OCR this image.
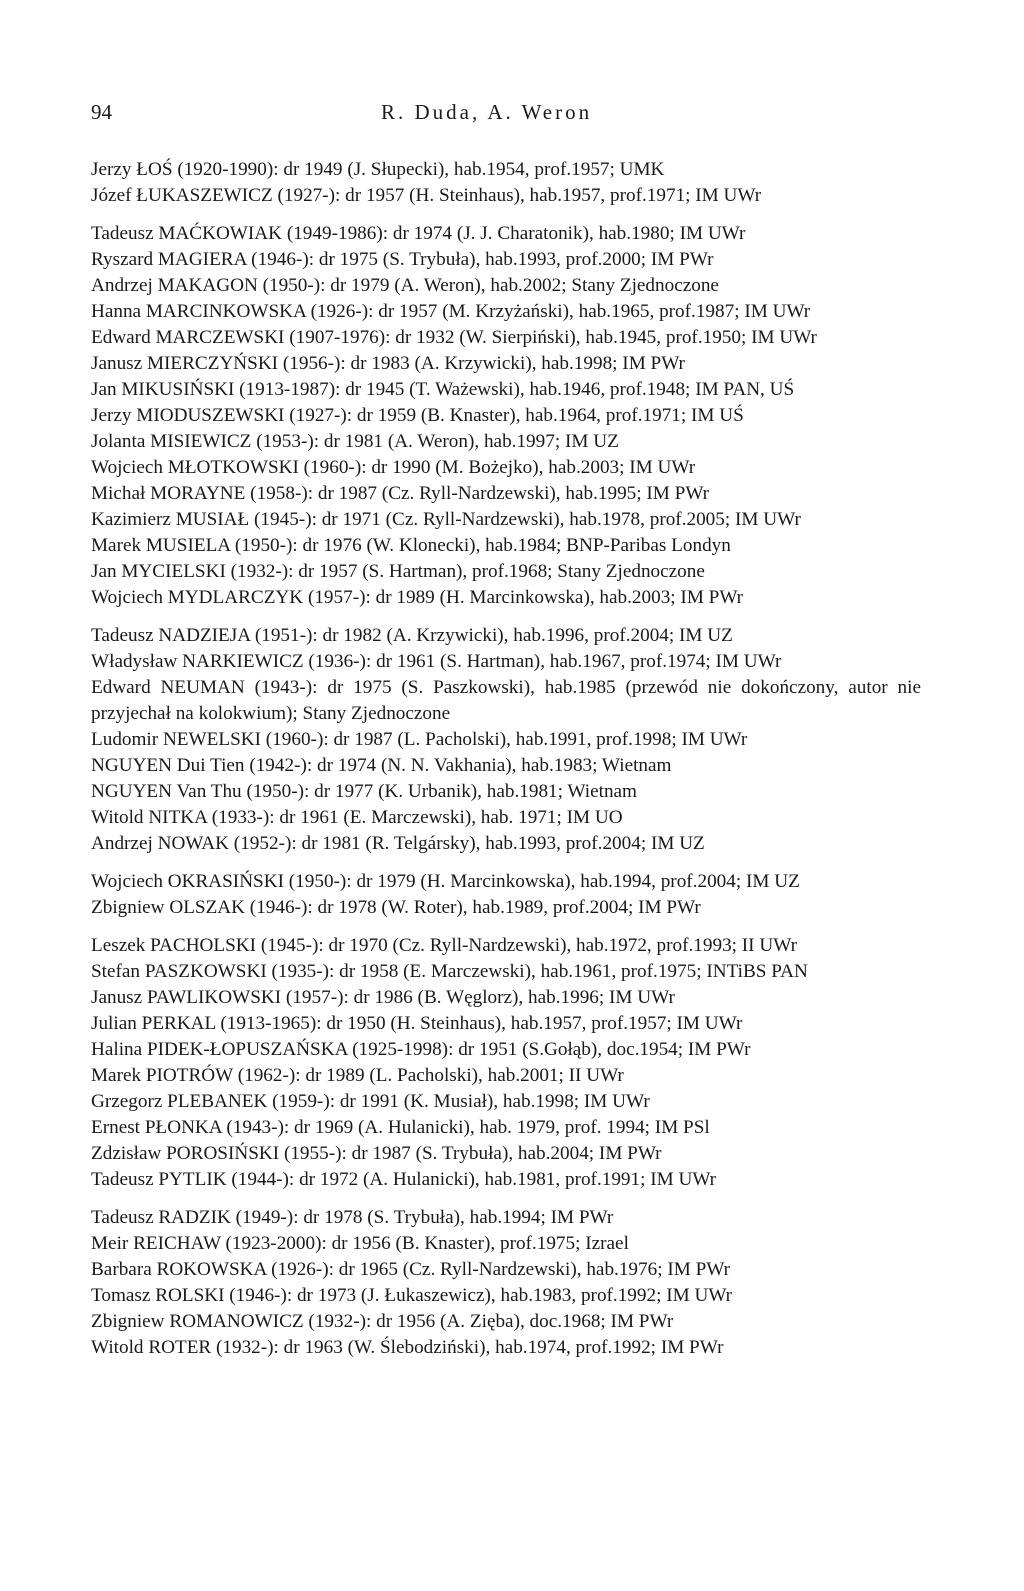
94	R. Duda, A. Weron

Jerzy ŁOŚ (1920-1990): dr 1949 (J. Słupecki), hab.1954, prof.1957; UMK

Józef ŁUKASZEWICZ (1927-): dr 1957 (H. Steinhaus), hab.1957, prof.1971; IM UWr

Tadeusz MAĆKOWIAK (1949-1986): dr 1974 (J. J. Charatonik), hab.1980; IM UWr

Ryszard MAGIERA (1946-): dr 1975 (S. Trybuła), hab.1993, prof.2000; IM PWr

Andrzej MAKAGON (1950-): dr 1979 (A. Weron), hab.2002; Stany Zjednoczone

Hanna MARCINKOWSKA (1926-): dr 1957 (M. Krzyżański), hab.1965, prof.1987; IM UWr

Edward MARCZEWSKI (1907-1976): dr 1932 (W. Sierpiński), hab.1945, prof.1950; IM UWr

Janusz MIERCZYŃSKI (1956-): dr 1983 (A. Krzywicki), hab.1998; IM PWr

Jan MIKUSIŃSKI (1913-1987): dr 1945 (T. Ważewski), hab.1946, prof.1948; IM PAN, UŚ

Jerzy MIODUSZEWSKI (1927-): dr 1959 (B. Knaster), hab.1964, prof.1971; IM UŚ

Jolanta MISIEWICZ (1953-): dr 1981 (A. Weron), hab.1997; IM UZ

Wojciech MŁOTKOWSKI (1960-): dr 1990 (M. Bożejko), hab.2003; IM UWr

Michał MORAYNE (1958-): dr 1987 (Cz. Ryll-Nardzewski), hab.1995; IM PWr

Kazimierz MUSIAŁ (1945-): dr 1971 (Cz. Ryll-Nardzewski), hab.1978, prof.2005; IM UWr

Marek MUSIELA (1950-): dr 1976 (W. Klonecki), hab.1984; BNP-Paribas Londyn

Jan MYCIELSKI (1932-): dr 1957 (S. Hartman), prof.1968; Stany Zjednoczone

Wojciech MYDLARCZYK (1957-): dr 1989 (H. Marcinkowska), hab.2003; IM PWr

Tadeusz NADZIEJA (1951-): dr 1982 (A. Krzywicki), hab.1996, prof.2004; IM UZ

Władysław NARKIEWICZ (1936-): dr 1961 (S. Hartman), hab.1967, prof.1974; IM UWr

Edward NEUMAN (1943-): dr 1975 (S. Paszkowski), hab.1985 (przewód nie dokończony, autor nie przyjechał na kolokwium); Stany Zjednoczone

Ludomir NEWELSKI (1960-): dr 1987 (L. Pacholski), hab.1991, prof.1998; IM UWr

NGUYEN Dui Tien (1942-): dr 1974 (N. N. Vakhania), hab.1983; Wietnam

NGUYEN Van Thu (1950-): dr 1977 (K. Urbanik), hab.1981; Wietnam

Witold NITKA (1933-): dr 1961 (E. Marczewski), hab. 1971; IM UO

Andrzej NOWAK (1952-): dr 1981 (R. Telgársky), hab.1993, prof.2004; IM UZ

Wojciech OKRASIŃSKI (1950-): dr 1979 (H. Marcinkowska), hab.1994, prof.2004; IM UZ

Zbigniew OLSZAK (1946-): dr 1978 (W. Roter), hab.1989, prof.2004; IM PWr

Leszek PACHOLSKI (1945-): dr 1970 (Cz. Ryll-Nardzewski), hab.1972, prof.1993; II UWr

Stefan PASZKOWSKI (1935-): dr 1958 (E. Marczewski), hab.1961, prof.1975; INTiBS PAN

Janusz PAWLIKOWSKI (1957-): dr 1986 (B. Węglorz), hab.1996; IM UWr

Julian PERKAL (1913-1965): dr 1950 (H. Steinhaus), hab.1957, prof.1957; IM UWr

Halina PIDEK-ŁOPUSZAŃSKA (1925-1998): dr 1951 (S.Gołąb), doc.1954; IM PWr

Marek PIOTRÓW (1962-): dr 1989 (L. Pacholski), hab.2001; II UWr

Grzegorz PLEBANEK (1959-): dr 1991 (K. Musiał), hab.1998; IM UWr

Ernest PŁONKA (1943-): dr 1969 (A. Hulanicki), hab. 1979, prof. 1994; IM PSl

Zdzisław POROSIŃSKI (1955-): dr 1987 (S. Trybuła), hab.2004; IM PWr

Tadeusz PYTLIK (1944-): dr 1972 (A. Hulanicki), hab.1981, prof.1991; IM UWr

Tadeusz RADZIK (1949-): dr 1978 (S. Trybuła), hab.1994; IM PWr

Meir REICHAW (1923-2000): dr 1956 (B. Knaster), prof.1975; Izrael

Barbara ROKOWSKA (1926-): dr 1965 (Cz. Ryll-Nardzewski), hab.1976; IM PWr

Tomasz ROLSKI (1946-): dr 1973 (J. Łukaszewicz), hab.1983, prof.1992; IM UWr

Zbigniew ROMANOWICZ (1932-): dr 1956 (A. Zięba), doc.1968; IM PWr

Witold ROTER (1932-): dr 1963 (W. Ślebodziński), hab.1974, prof.1992; IM PWr
